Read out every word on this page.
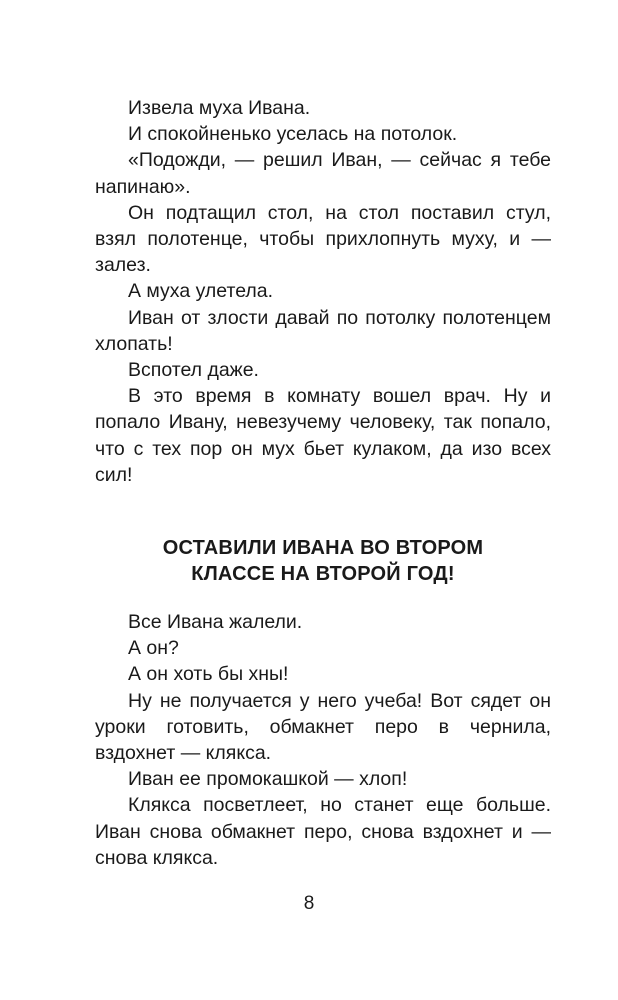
Извела муха Ивана.

И спокойненько уселась на потолок.

«Подожди, — решил Иван, — сейчас я тебе напинаю».

Он подтащил стол, на стол поставил стул, взял полотенце, чтобы прихлопнуть муху, и — залез.

А муха улетела.

Иван от злости давай по потолку полотенцем хлопать!

Вспотел даже.

В это время в комнату вошел врач. Ну и попало Ивану, невезучему человеку, так попало, что с тех пор он мух бьет кулаком, да изо всех сил!

ОСТАВИЛИ ИВАНА ВО ВТОРОМ
КЛАССЕ НА ВТОРОЙ ГОД!

Все Ивана жалели.

А он?

А он хоть бы хны!

Ну не получается у него учеба! Вот сядет он уроки готовить, обмакнет перо в чернила, вздохнет — клякса.

Иван ее промокашкой — хлоп!

Клякса посветлеет, но станет еще больше. Иван снова обмакнет перо, снова вздохнет и — снова клякса.

8
